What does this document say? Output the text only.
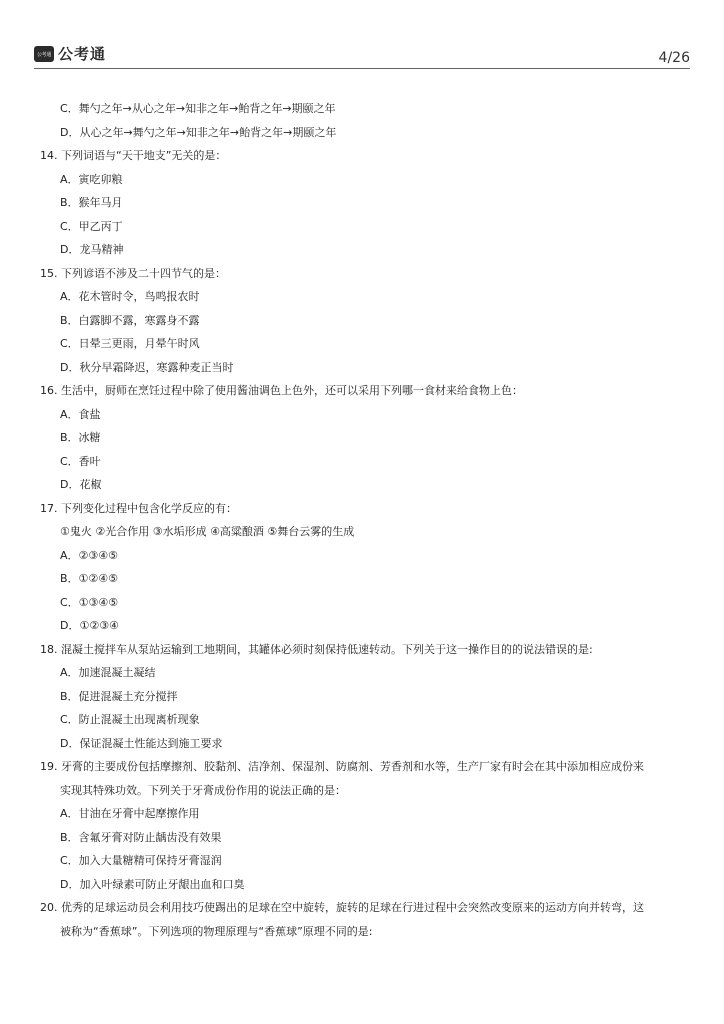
公考通 公考通	4/26
C．舞勺之年→从心之年→知非之年→鲐背之年→期颐之年
D．从心之年→舞勺之年→知非之年→鲐背之年→期颐之年
14. 下列词语与“天干地支”无关的是：
A．寅吃卯粮
B．猴年马月
C．甲乙丙丁
D．龙马精神
15. 下列谚语不涉及二十四节气的是：
A．花木管时令，鸟鸣报农时
B．白露脚不露，寒露身不露
C．日晕三更雨，月晕午时风
D．秋分早霜降迟，寒露种麦正当时
16. 生活中，厨师在烹饪过程中除了使用酱油调色上色外，还可以采用下列哪一食材来给食物上色：
A．食盐
B．冰糖
C．香叶
D．花椒
17. 下列变化过程中包含化学反应的有：
①鬼火 ②光合作用 ③水垢形成 ④高粱酿酒 ⑤舞台云雾的生成
A．②③④⑤
B．①②④⑤
C．①③④⑤
D．①②③④
18. 混凝土搅拌车从泵站运输到工地期间，其罐体必须时刻保持低速转动。下列关于这一操作目的的说法错误的是:
A．加速混凝土凝结
B．促进混凝土充分搅拌
C．防止混凝土出现离析现象
D．保证混凝土性能达到施工要求
19. 牙膏的主要成份包括摩擦剂、胶黏剂、洁净剂、保湿剂、防腐剂、芳香剂和水等，生产厂家有时会在其中添加相应成份来
实现其特殊功效。下列关于牙膏成份作用的说法正确的是：
A．甘油在牙膏中起摩擦作用
B．含氟牙膏对防止龋齿没有效果
C．加入大量糖精可保持牙膏湿润
D．加入叶绿素可防止牙龈出血和口臭
20. 优秀的足球运动员会利用技巧使踢出的足球在空中旋转，旋转的足球在行进过程中会突然改变原来的运动方向并转弯，这
被称为“香蕉球”。下列选项的物理原理与“香蕉球”原理不同的是:
